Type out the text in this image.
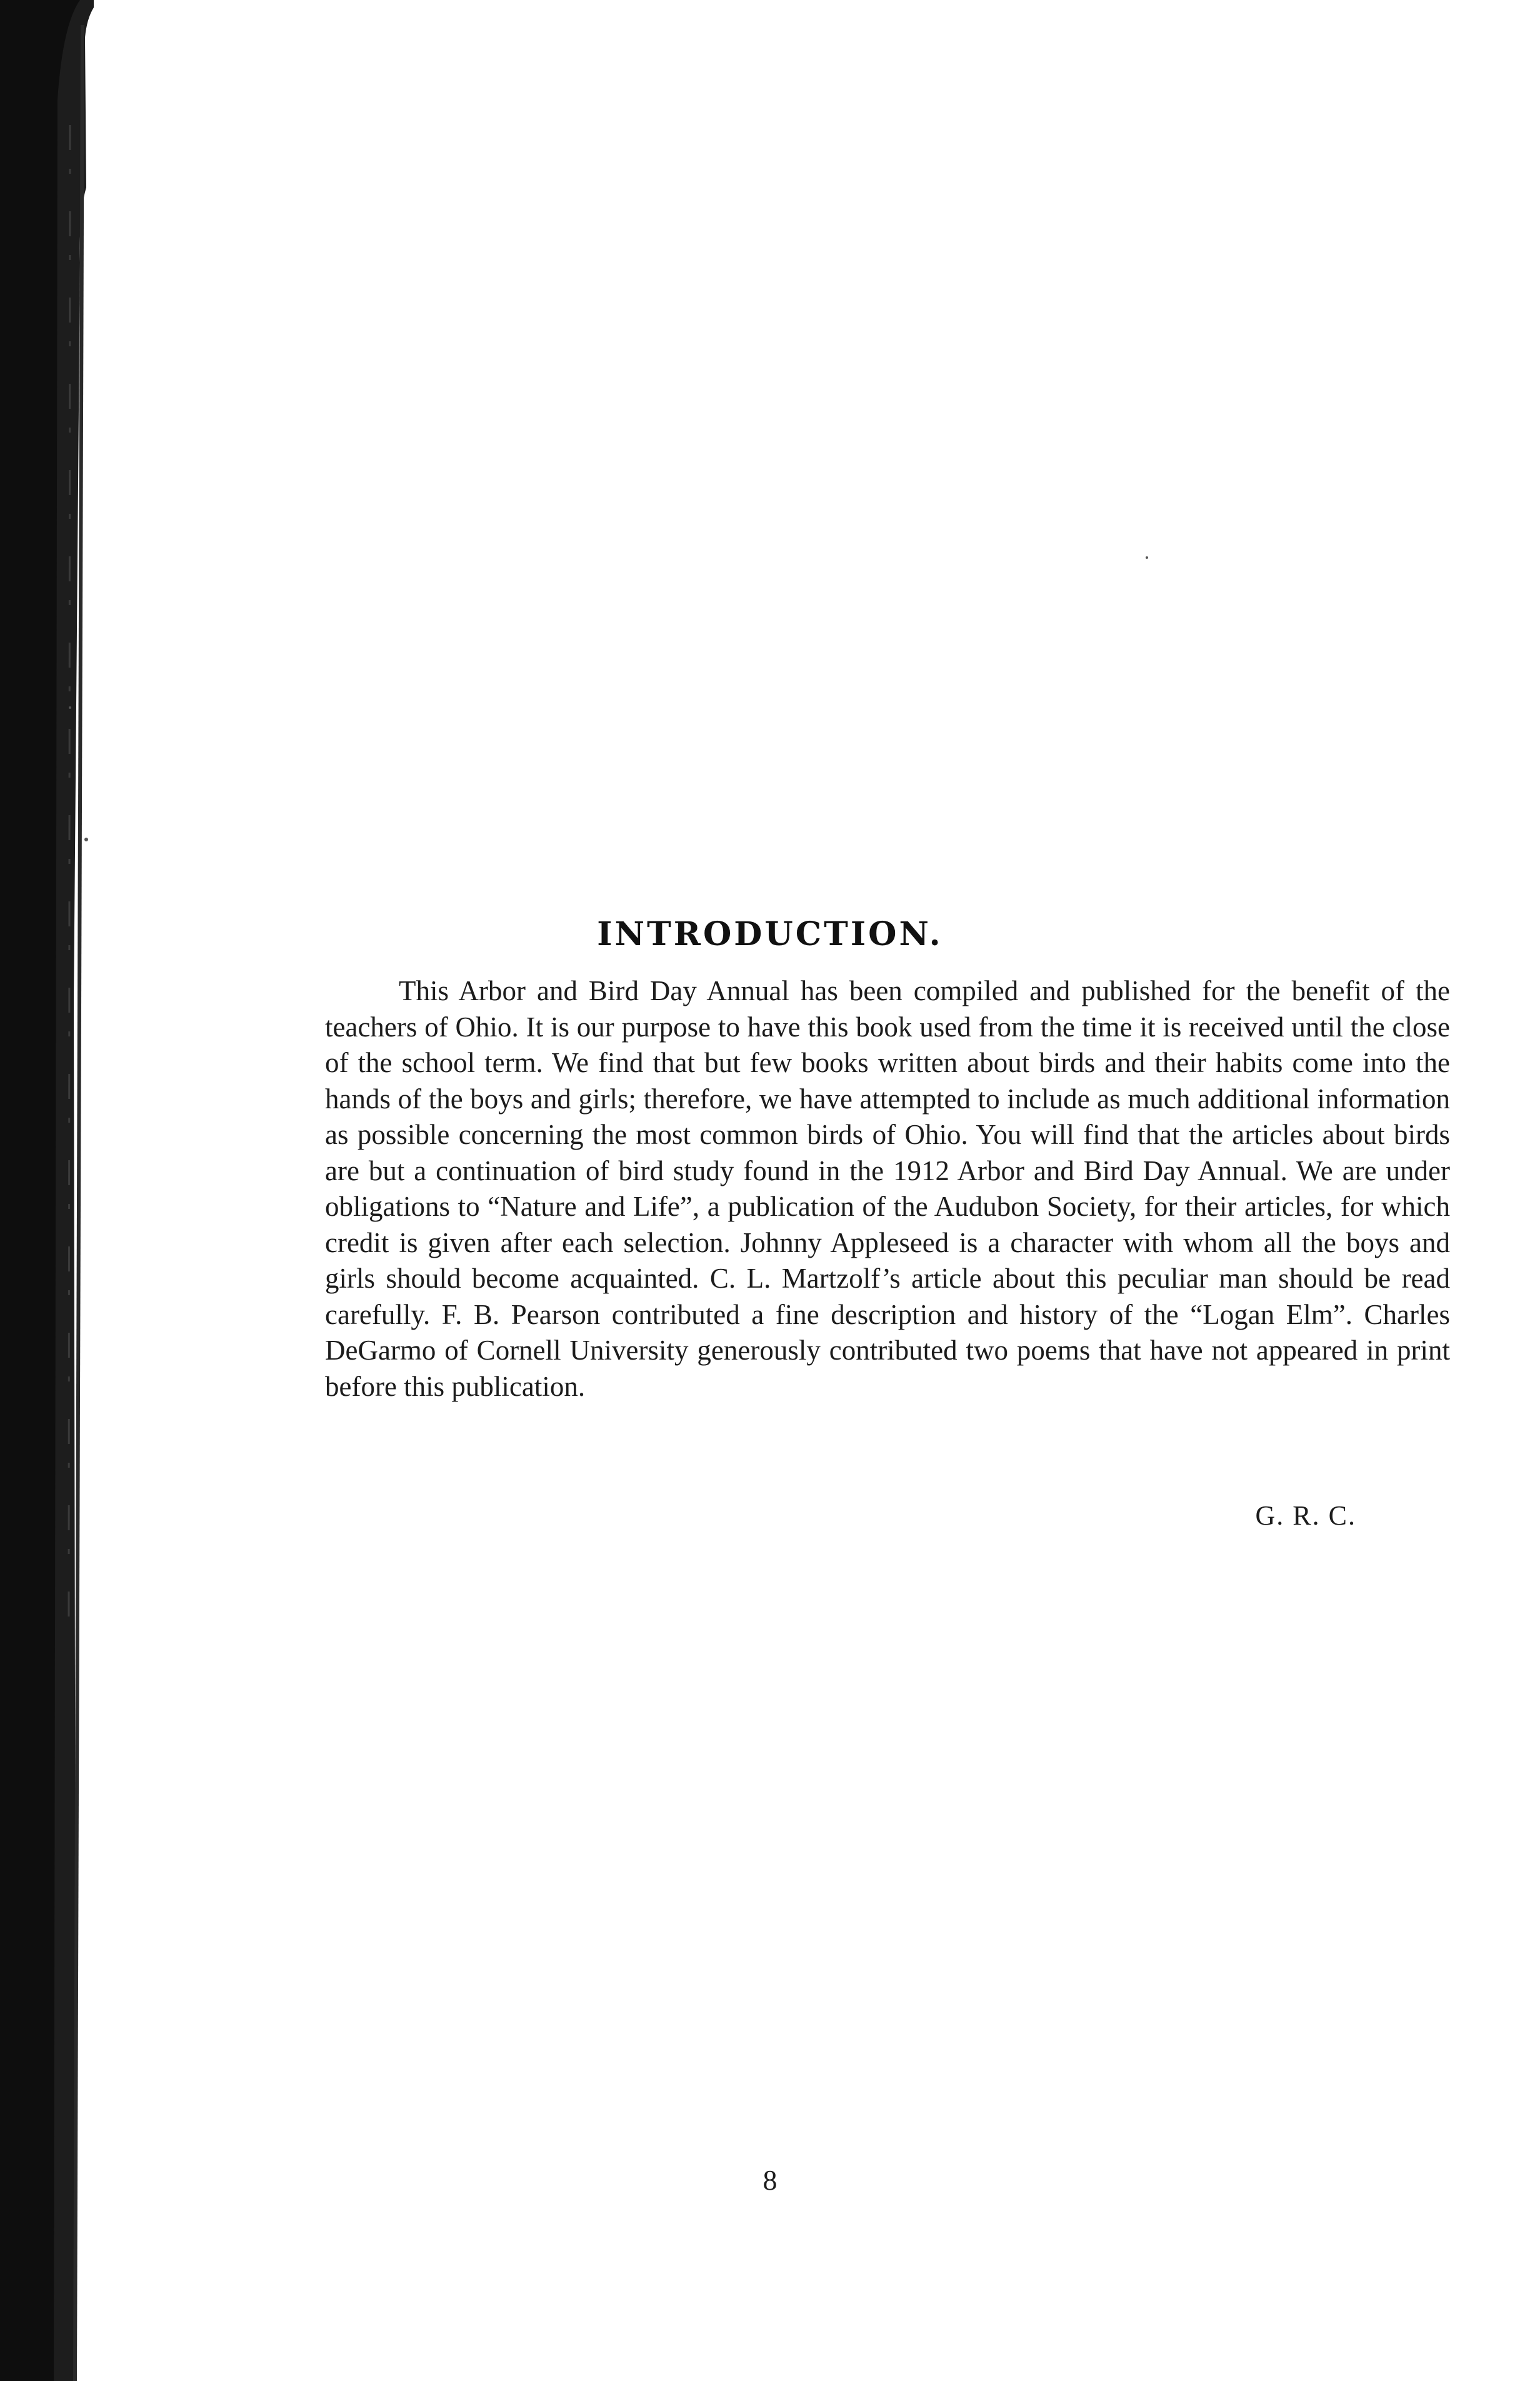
INTRODUCTION.

This Arbor and Bird Day Annual has been compiled and published for the benefit of the teachers of Ohio. It is our purpose to have this book used from the time it is received until the close of the school term. We find that but few books written about birds and their habits come into the hands of the boys and girls; therefore, we have attempted to include as much additional information as possible concerning the most common birds of Ohio. You will find that the articles about birds are but a continuation of bird study found in the 1912 Arbor and Bird Day Annual. We are under obligations to “Nature and Life”, a publication of the Audubon Society, for their articles, for which credit is given after each selection. Johnny Appleseed is a character with whom all the boys and girls should become acquainted. C. L. Martzolf’s article about this peculiar man should be read carefully. F. B. Pearson contributed a fine description and history of the “Logan Elm”. Charles DeGarmo of Cornell University generously contributed two poems that have not appeared in print before this publication.

G. R. C.
8
